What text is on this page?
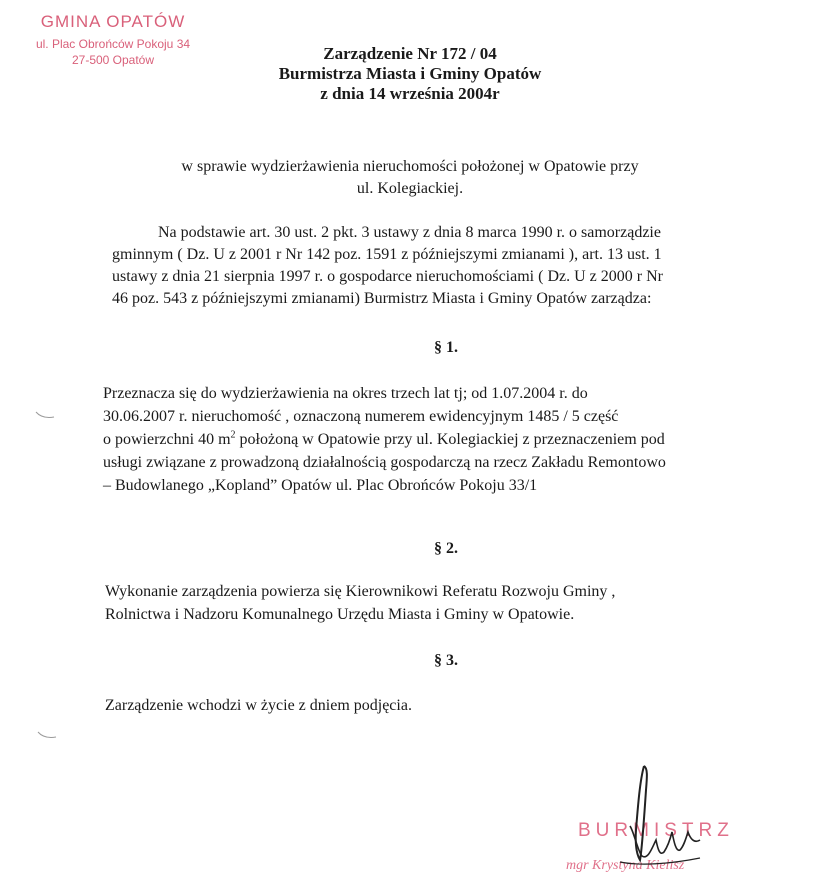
GMINA OPATÓW
ul. Plac Obrońców Pokoju 34
27-500 Opatów	Zarządzenie Nr 172 / 04
Burmistrza Miasta i Gminy Opatów
z dnia 14 września 2004r
w sprawie wydzierżawienia nieruchomości położonej w Opatowie przy
ul. Kolegiackiej.
Na podstawie art. 30 ust. 2 pkt. 3 ustawy z dnia 8 marca 1990 r. o samorządzie
gminnym ( Dz. U z 2001 r Nr 142 poz. 1591 z późniejszymi zmianami ), art. 13 ust. 1
ustawy z dnia 21 sierpnia 1997 r. o gospodarce nieruchomościami ( Dz. U z 2000 r Nr
46 poz. 543 z późniejszymi zmianami) Burmistrz Miasta i Gminy Opatów zarządza:
§ 1.
Przeznacza się do wydzierżawienia na okres trzech lat tj; od 1.07.2004 r. do
30.06.2007 r. nieruchomość , oznaczoną numerem ewidencyjnym 1485 / 5 część
o powierzchni 40 $m^2$ położoną w Opatowie przy ul. Kolegiackiej z przeznaczeniem pod
usługi związane z prowadzoną działalnością gospodarczą na rzecz Zakładu Remontowo
– Budowlanego „Kopland” Opatów ul. Plac Obrońców Pokoju 33/1
§ 2.
Wykonanie zarządzenia powierza się Kierownikowi Referatu Rozwoju Gminy ,
Rolnictwa i Nadzoru Komunalnego Urzędu Miasta i Gminy w Opatowie.
§ 3.
Zarządzenie wchodzi w życie z dniem podjęcia.
BURMISTRZ
mgr Krystyna Kielisz
